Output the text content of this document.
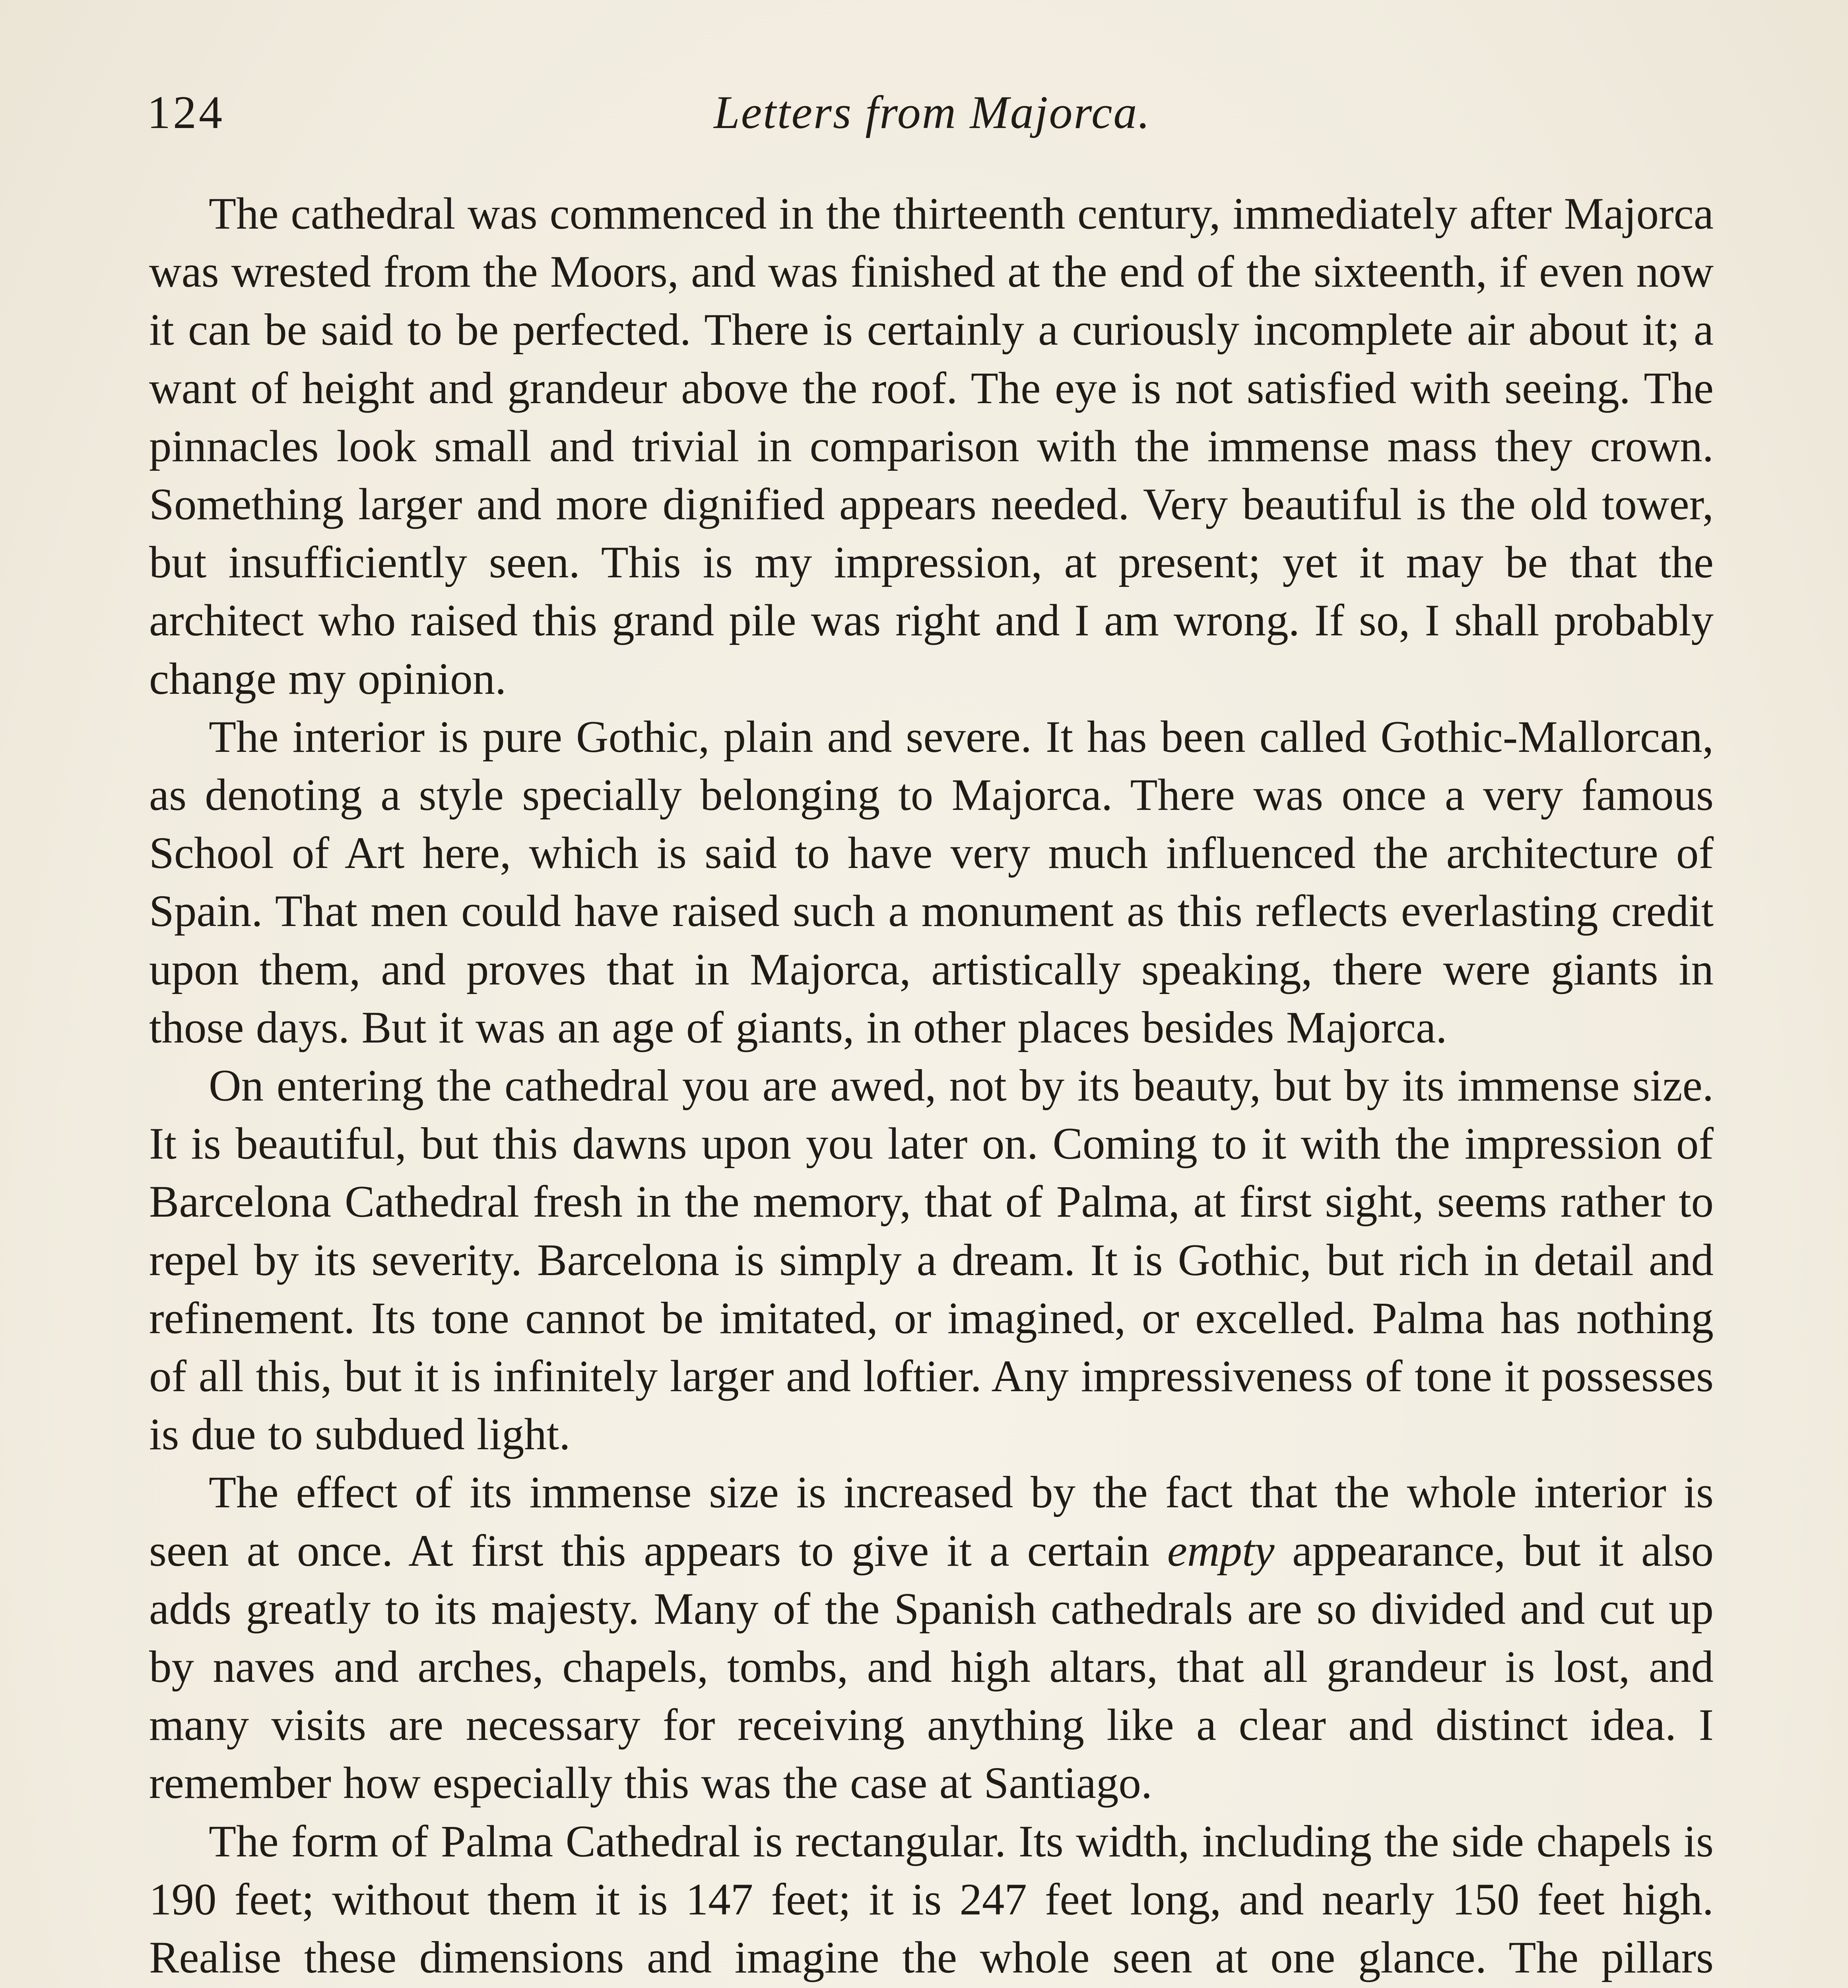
124	Letters from Majorca.

The cathedral was commenced in the thirteenth century, immediately after Majorca was wrested from the Moors, and was finished at the end of the sixteenth, if even now it can be said to be perfected. There is certainly a curiously incomplete air about it; a want of height and grandeur above the roof. The eye is not satisfied with seeing. The pinnacles look small and trivial in comparison with the immense mass they crown. Something larger and more dignified appears needed. Very beautiful is the old tower, but insufficiently seen. This is my impression, at present; yet it may be that the architect who raised this grand pile was right and I am wrong. If so, I shall probably change my opinion.

The interior is pure Gothic, plain and severe. It has been called Gothic-Mallorcan, as denoting a style specially belonging to Majorca. There was once a very famous School of Art here, which is said to have very much influenced the architecture of Spain. That men could have raised such a monument as this reflects everlasting credit upon them, and proves that in Majorca, artistically speaking, there were giants in those days. But it was an age of giants, in other places besides Majorca.

On entering the cathedral you are awed, not by its beauty, but by its immense size. It is beautiful, but this dawns upon you later on. Coming to it with the impression of Barcelona Cathedral fresh in the memory, that of Palma, at first sight, seems rather to repel by its severity. Barcelona is simply a dream. It is Gothic, but rich in detail and refinement. Its tone cannot be imitated, or imagined, or excelled. Palma has nothing of all this, but it is infinitely larger and loftier. Any impressiveness of tone it possesses is due to subdued light.

The effect of its immense size is increased by the fact that the whole interior is seen at once. At first this appears to give it a certain empty appearance, but it also adds greatly to its majesty. Many of the Spanish cathedrals are so divided and cut up by naves and arches, chapels, tombs, and high altars, that all grandeur is lost, and many visits are necessary for receiving anything like a clear and distinct idea. I remember how especially this was the case at Santiago.

The form of Palma Cathedral is rectangular. Its width, including the side chapels is 190 feet; without them it is 147 feet; it is 247 feet long, and nearly 150 feet high. Realise these dimensions and imagine the whole seen at one glance. The pillars
